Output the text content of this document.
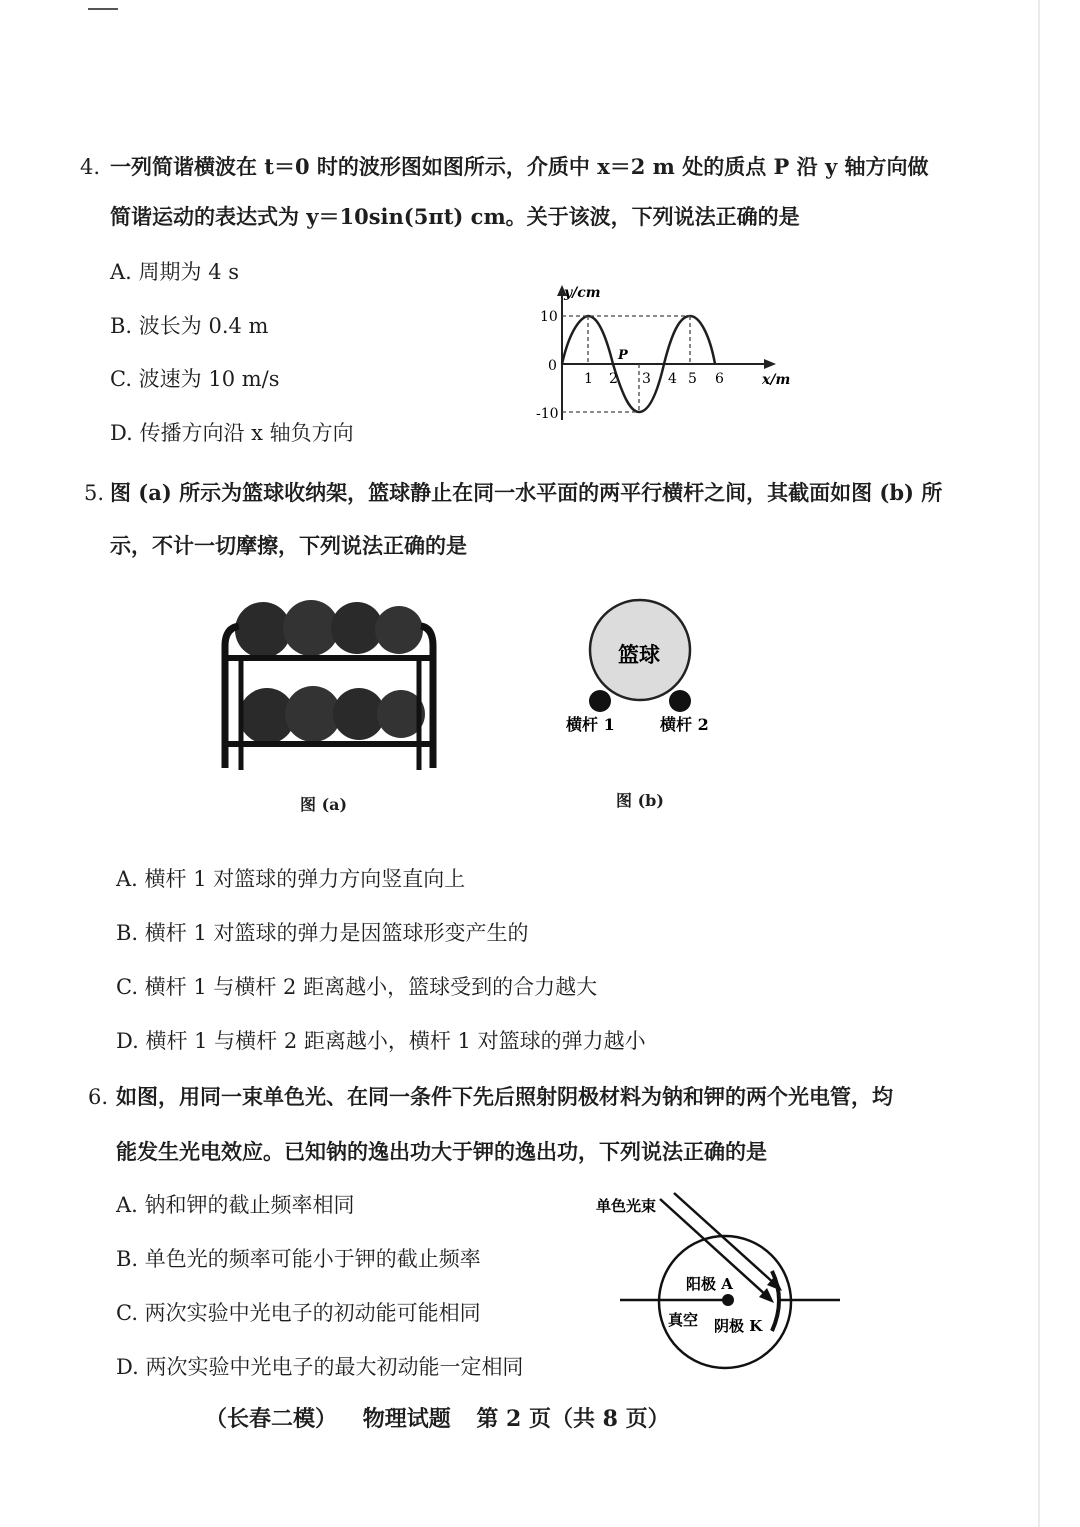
4. 一列简谐横波在 t＝0 时的波形图如图所示，介质中 x＝2 m 处的质点 P 沿 y 轴方向做
简谐运动的表达式为 y＝10sin(5πt) cm。关于该波，下列说法正确的是
A. 周期为 4 s
B. 波长为 0.4 m
C. 波速为 10 m/s
D. 传播方向沿 x 轴负方向
y/cm
x/m
10
0
-10
1 2 3 4 5 6
P
5. 图 (a) 所示为篮球收纳架，篮球静止在同一水平面的两平行横杆之间，其截面如图 (b) 所
示，不计一切摩擦，下列说法正确的是
图 (a)
篮球
横杆 1	横杆 2
图 (b)
A. 横杆 1 对篮球的弹力方向竖直向上
B. 横杆 1 对篮球的弹力是因篮球形变产生的
C. 横杆 1 与横杆 2 距离越小，篮球受到的合力越大
D. 横杆 1 与横杆 2 距离越小，横杆 1 对篮球的弹力越小
6. 如图，用同一束单色光、在同一条件下先后照射阴极材料为钠和钾的两个光电管，均
能发生光电效应。已知钠的逸出功大于钾的逸出功，下列说法正确的是
A. 钠和钾的截止频率相同
B. 单色光的频率可能小于钾的截止频率
C. 两次实验中光电子的初动能可能相同
D. 两次实验中光电子的最大初动能一定相同
单色光束
阳极 A
真空 阴极 K
（长春二模） 物理试题 第 2 页（共 8 页）
